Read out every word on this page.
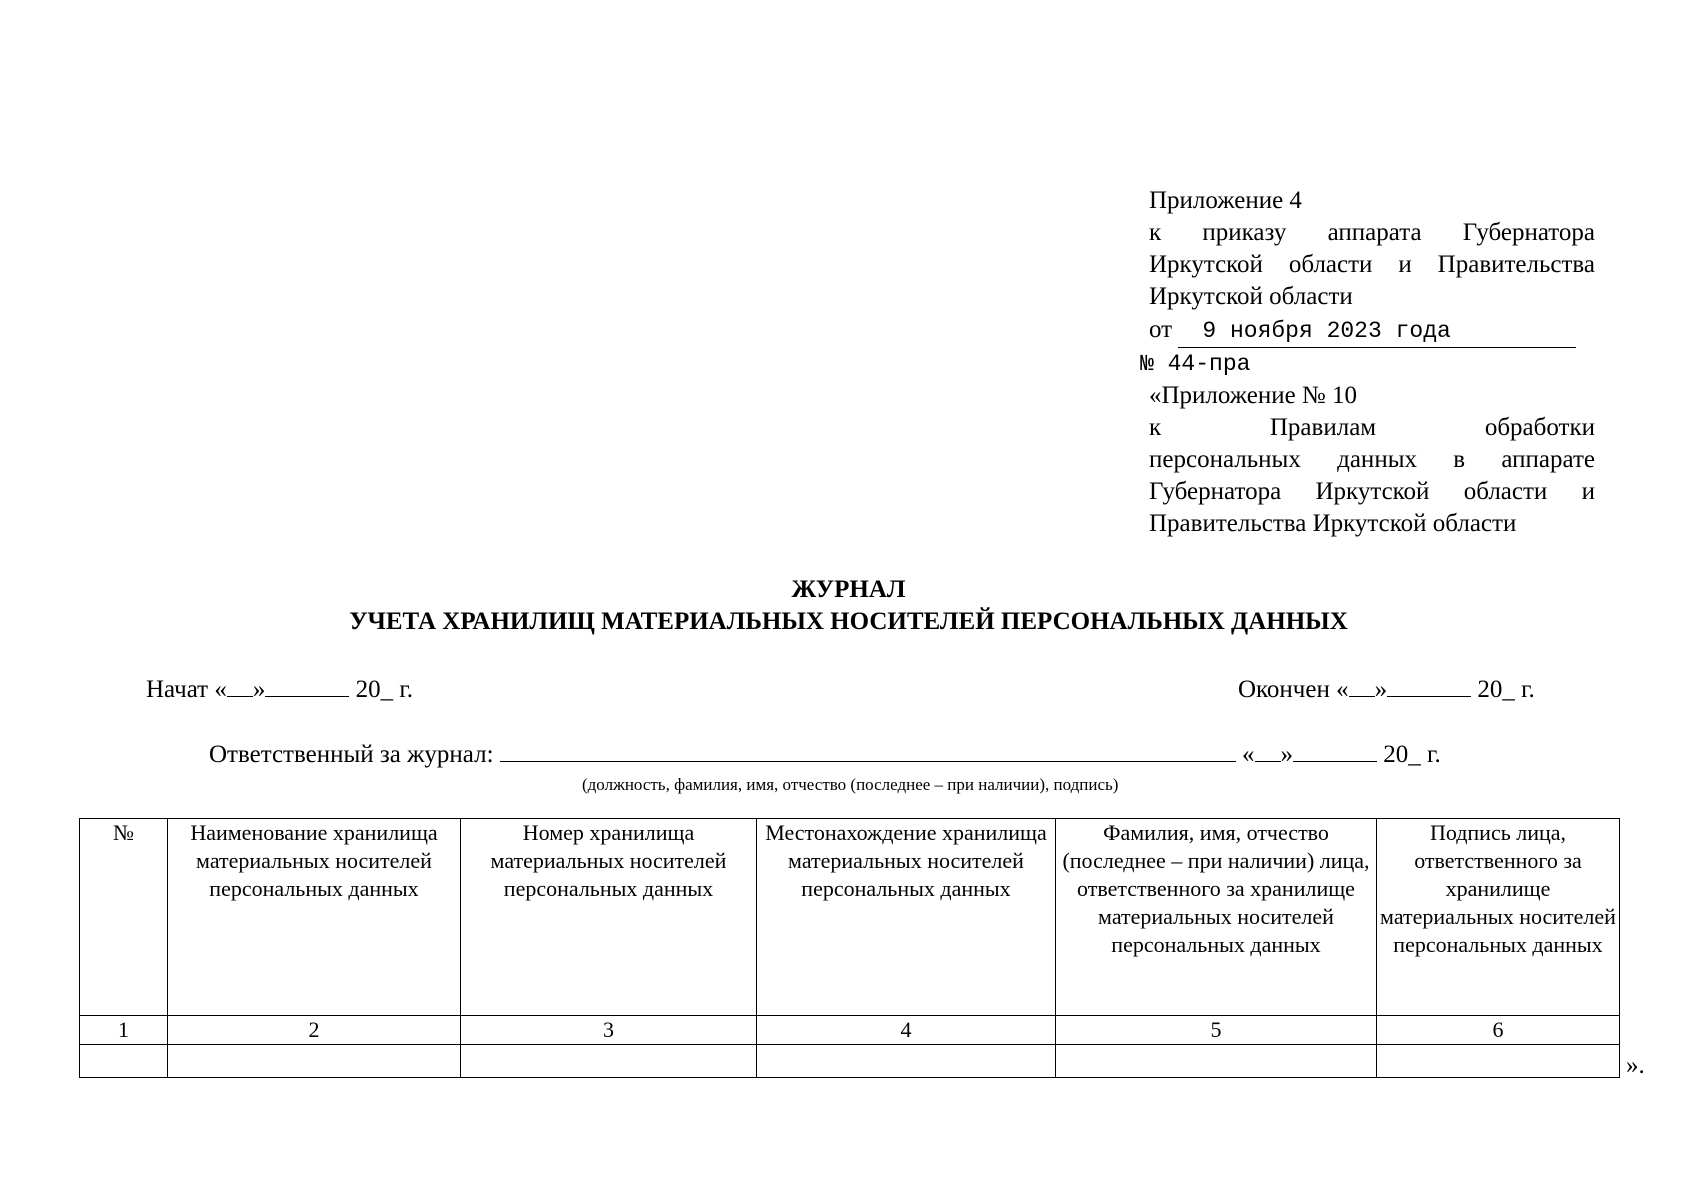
Приложение 4
к приказу аппарата Губернатора
Иркутской области и Правительства
Иркутской области
от 9 ноября 2023 года
№ 44-пра
«Приложение № 10
к Правилам обработки
персональных данных в аппарате
Губернатора Иркутской области и
Правительства Иркутской области
ЖУРНАЛ
УЧЕТА ХРАНИЛИЩ МАТЕРИАЛЬНЫХ НОСИТЕЛЕЙ ПЕРСОНАЛЬНЫХ ДАННЫХ
Начат « »	20_ г.	Окончен « »	20_ г.
Ответственный за журнал:	« »	20_ г.
(должность, фамилия, имя, отчество (последнее – при наличии), подпись)
№	Наименование хранилища материальных носителей персональных данных	Номер хранилища материальных носителей персональных данных	Местонахождение хранилища материальных носителей персональных данных	Фамилия, имя, отчество (последнее – при наличии) лица, ответственного за хранилище материальных носителей персональных данных	Подпись лица, ответственного за хранилище материальных носителей персональных данных
1	2	3	4	5	6

».
